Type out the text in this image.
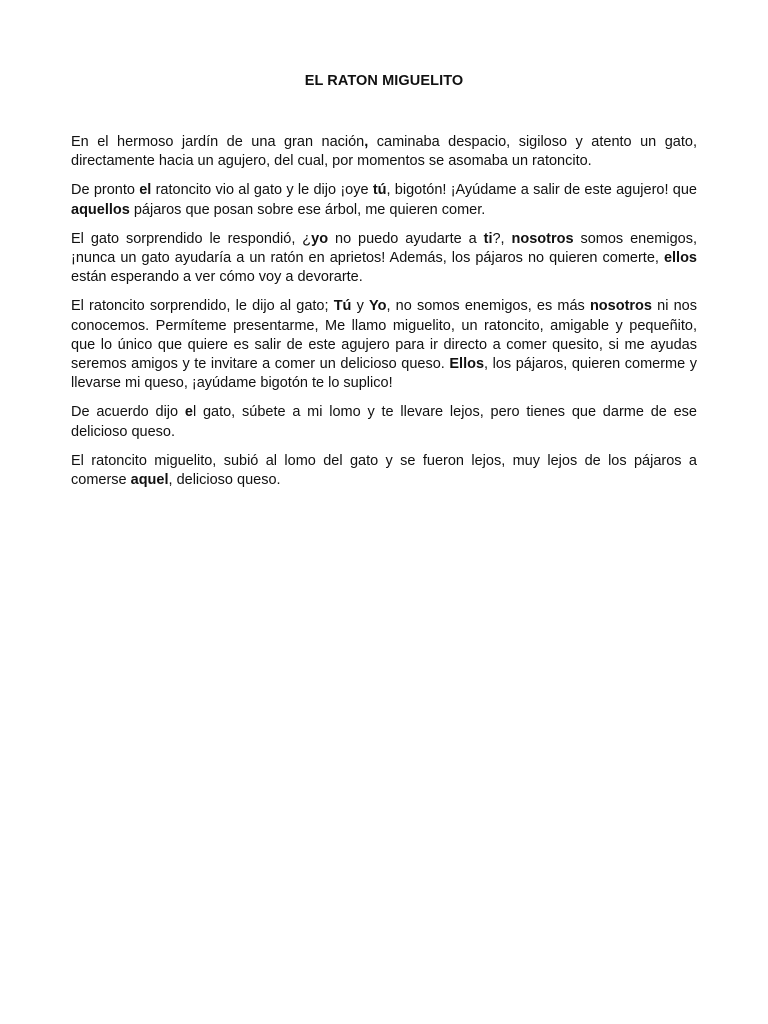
EL RATON MIGUELITO

En el hermoso jardín de una gran nación, caminaba despacio, sigiloso y atento un gato, directamente hacia un agujero, del cual, por momentos se asomaba un ratoncito.

De pronto el ratoncito vio al gato y le dijo ¡oye tú, bigotón! ¡Ayúdame a salir de este agujero! que aquellos pájaros que posan sobre ese árbol, me quieren comer.

El gato sorprendido le respondió, ¿yo no puedo ayudarte a ti?, nosotros somos enemigos, ¡nunca un gato ayudaría a un ratón en aprietos! Además, los pájaros no quieren comerte, ellos están esperando a ver cómo voy a devorarte.

El ratoncito sorprendido, le dijo al gato; Tú y Yo, no somos enemigos, es más nosotros ni nos conocemos. Permíteme presentarme, Me llamo miguelito, un ratoncito, amigable y pequeñito, que lo único que quiere es salir de este agujero para ir directo a comer quesito, si me ayudas seremos amigos y te invitare a comer un delicioso queso. Ellos, los pájaros, quieren comerme y llevarse mi queso, ¡ayúdame bigotón te lo suplico!

De acuerdo dijo el gato, súbete a mi lomo y te llevare lejos, pero tienes que darme de ese delicioso queso.

El ratoncito miguelito, subió al lomo del gato y se fueron lejos, muy lejos de los pájaros a comerse aquel, delicioso queso.
